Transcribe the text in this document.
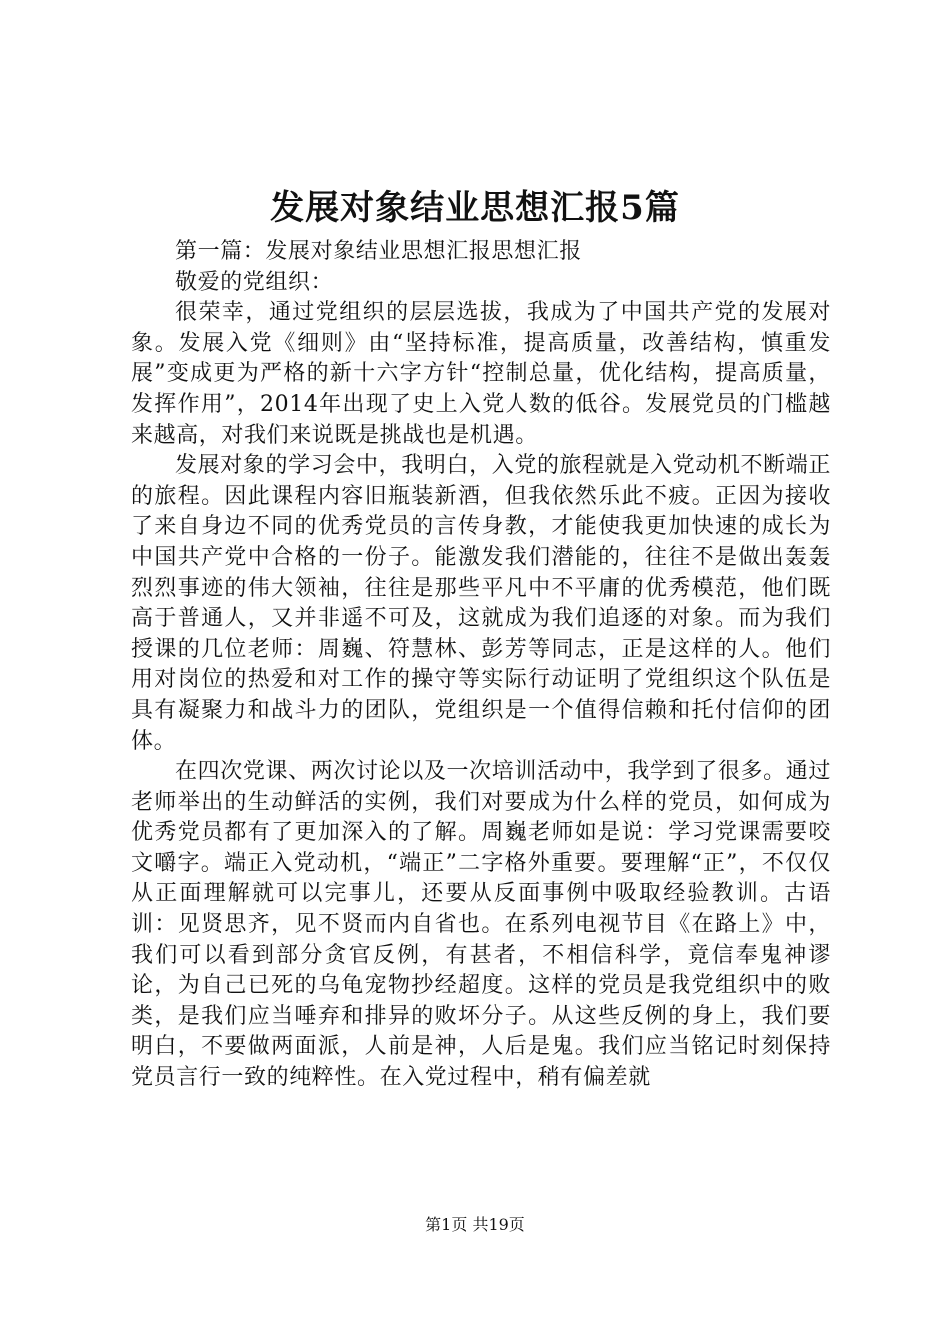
发展对象结业思想汇报5篇

第一篇：发展对象结业思想汇报思想汇报

敬爱的党组织：

很荣幸，通过党组织的层层选拔，我成为了中国共产党的发展对象。发展入党《细则》由“坚持标准，提高质量，改善结构，慎重发展”变成更为严格的新十六字方针“控制总量，优化结构，提高质量，发挥作用”，2014年出现了史上入党人数的低谷。发展党员的门槛越来越高，对我们来说既是挑战也是机遇。

发展对象的学习会中，我明白，入党的旅程就是入党动机不断端正的旅程。因此课程内容旧瓶装新酒，但我依然乐此不疲。正因为接收了来自身边不同的优秀党员的言传身教，才能使我更加快速的成长为中国共产党中合格的一份子。能激发我们潜能的，往往不是做出轰轰烈烈事迹的伟大领袖，往往是那些平凡中不平庸的优秀模范，他们既高于普通人，又并非遥不可及，这就成为我们追逐的对象。而为我们授课的几位老师：周巍、符慧林、彭芳等同志，正是这样的人。他们用对岗位的热爱和对工作的操守等实际行动证明了党组织这个队伍是具有凝聚力和战斗力的团队，党组织是一个值得信赖和托付信仰的团体。

在四次党课、两次讨论以及一次培训活动中，我学到了很多。通过老师举出的生动鲜活的实例，我们对要成为什么样的党员，如何成为优秀党员都有了更加深入的了解。周巍老师如是说：学习党课需要咬文嚼字。端正入党动机，“端正”二字格外重要。要理解“正”，不仅仅从正面理解就可以完事儿，还要从反面事例中吸取经验教训。古语训：见贤思齐，见不贤而内自省也。在系列电视节目《在路上》中，我们可以看到部分贪官反例，有甚者，不相信科学，竟信奉鬼神谬论，为自己已死的乌龟宠物抄经超度。这样的党员是我党组织中的败类，是我们应当唾弃和排异的败坏分子。从这些反例的身上，我们要明白，不要做两面派，人前是神，人后是鬼。我们应当铭记时刻保持党员言行一致的纯粹性。在入党过程中，稍有偏差就

第1页 共19页
